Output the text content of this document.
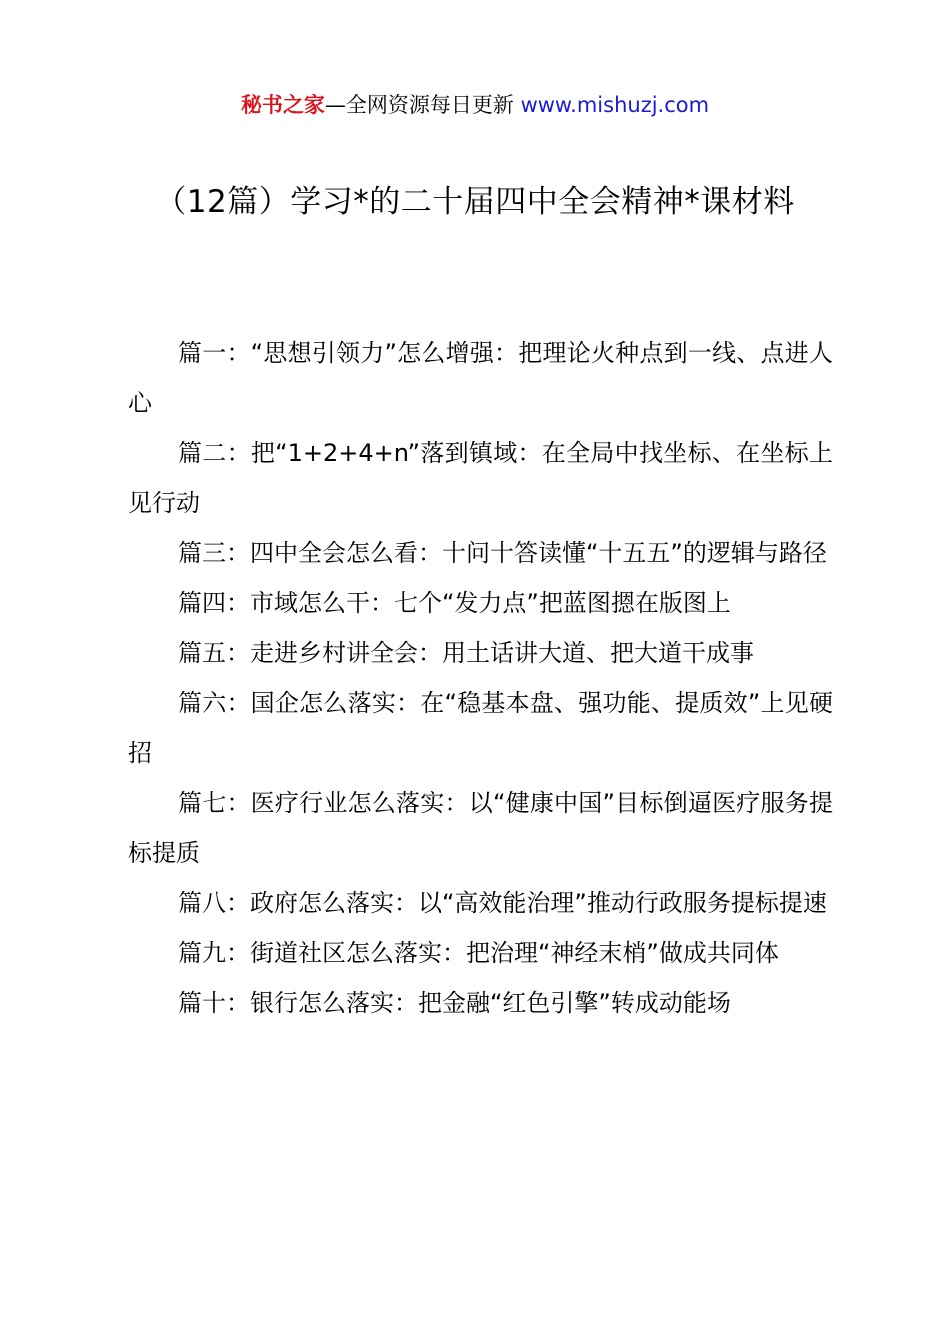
秘书之家—全网资源每日更新 www.mishuzj.com
（12篇）学习*的二十届四中全会精神*课材料
篇一：“思想引领力”怎么增强：把理论火种点到一线、点进人心
篇二：把“1+2+4+n”落到镇域：在全局中找坐标、在坐标上见行动
篇三：四中全会怎么看：十问十答读懂“十五五”的逻辑与路径
篇四：市域怎么干：七个“发力点”把蓝图摁在版图上
篇五：走进乡村讲全会：用土话讲大道、把大道干成事
篇六：国企怎么落实：在“稳基本盘、强功能、提质效”上见硬招
篇七：医疗行业怎么落实：以“健康中国”目标倒逼医疗服务提标提质
篇八：政府怎么落实：以“高效能治理”推动行政服务提标提速
篇九：街道社区怎么落实：把治理“神经末梢”做成共同体
篇十：银行怎么落实：把金融“红色引擎”转成动能场
